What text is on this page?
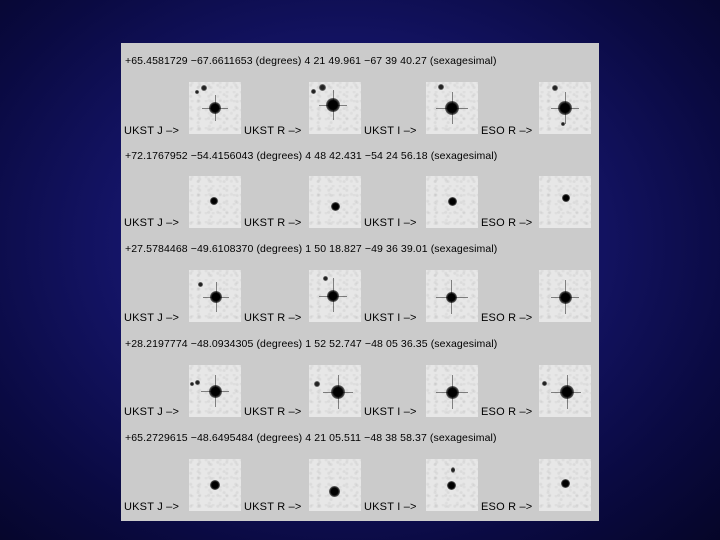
+65.4581729 −67.6611653 (degrees) 4 21 49.961 −67 39 40.27 (sexagesimal)
UKST J –>	UKST R –>	UKST I –>	ESO R –>
+72.1767952 −54.4156043 (degrees) 4 48 42.431 −54 24 56.18 (sexagesimal)
UKST J –>	UKST R –>	UKST I –>	ESO R –>
+27.5784468 −49.6108370 (degrees) 1 50 18.827 −49 36 39.01 (sexagesimal)
UKST J –>	UKST R –>	UKST I –>	ESO R –>
+28.2197774 −48.0934305 (degrees) 1 52 52.747 −48 05 36.35 (sexagesimal)
UKST J –>	UKST R –>	UKST I –>	ESO R –>
+65.2729615 −48.6495484 (degrees) 4 21 05.511 −48 38 58.37 (sexagesimal)
UKST J –>	UKST R –>	UKST I –>	ESO R –>
